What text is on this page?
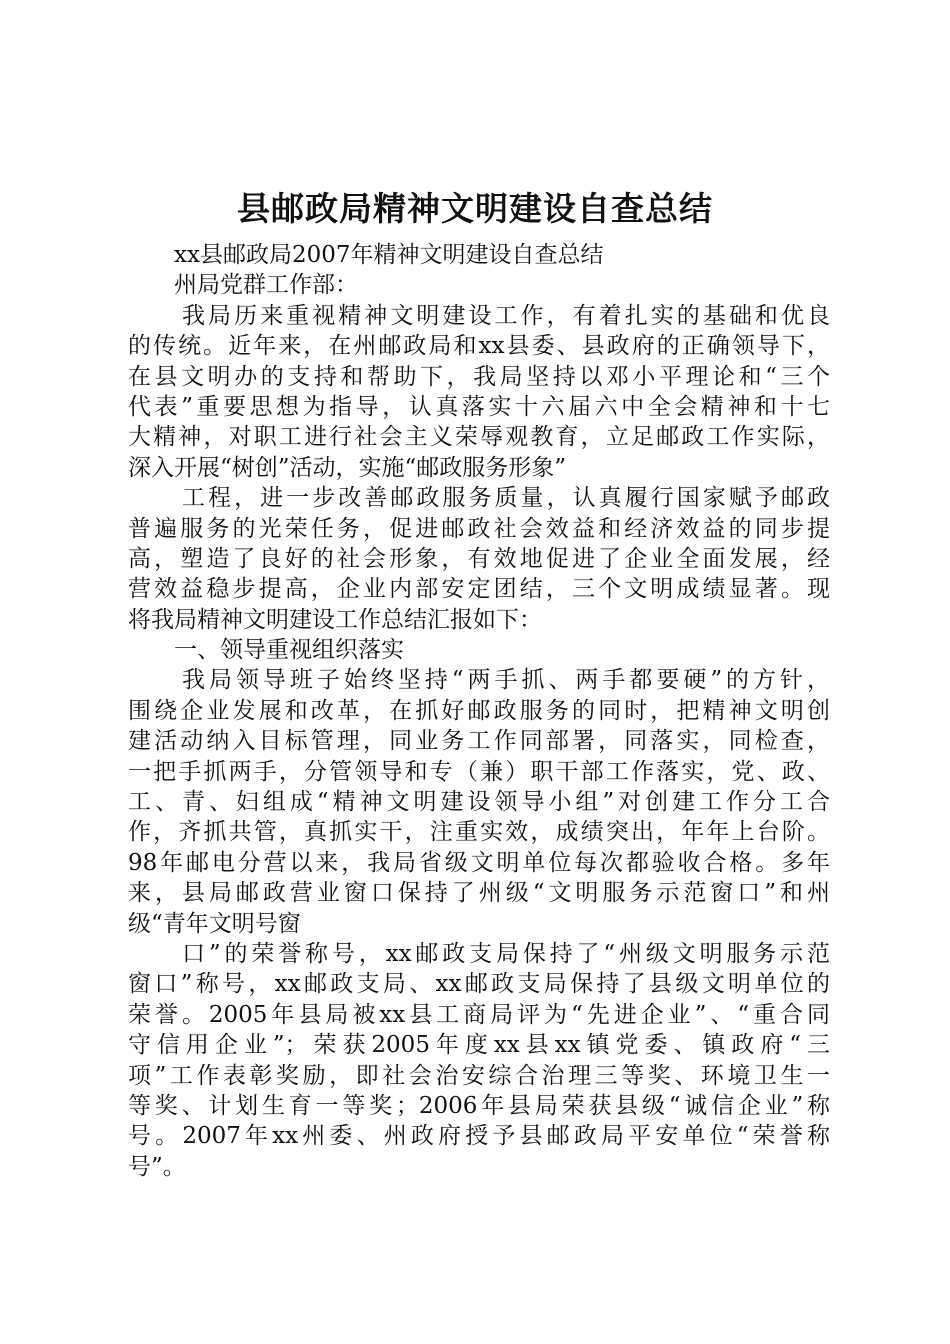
县邮政局精神文明建设自查总结
xx县邮政局2007年精神文明建设自查总结
州局党群工作部：
我局历来重视精神文明建设工作，有着扎实的基础和优良
的传统。近年来，在州邮政局和xx县委、县政府的正确领导下，
在县文明办的支持和帮助下，我局坚持以邓小平理论和“三个
代表”重要思想为指导，认真落实十六届六中全会精神和十七
大精神，对职工进行社会主义荣辱观教育，立足邮政工作实际，
深入开展“树创”活动，实施“邮政服务形象”
工程，进一步改善邮政服务质量，认真履行国家赋予邮政
普遍服务的光荣任务，促进邮政社会效益和经济效益的同步提
高，塑造了良好的社会形象，有效地促进了企业全面发展，经
营效益稳步提高，企业内部安定团结，三个文明成绩显著。现
将我局精神文明建设工作总结汇报如下：
一、领导重视组织落实
我局领导班子始终坚持“两手抓、两手都要硬”的方针，
围绕企业发展和改革，在抓好邮政服务的同时，把精神文明创
建活动纳入目标管理，同业务工作同部署，同落实，同检查，
一把手抓两手，分管领导和专（兼）职干部工作落实，党、政、
工、青、妇组成“精神文明建设领导小组”对创建工作分工合
作，齐抓共管，真抓实干，注重实效，成绩突出，年年上台阶。
98年邮电分营以来，我局省级文明单位每次都验收合格。多年
来，县局邮政营业窗口保持了州级“文明服务示范窗口”和州
级“青年文明号窗
口”的荣誉称号，xx邮政支局保持了“州级文明服务示范
窗口”称号，xx邮政支局、xx邮政支局保持了县级文明单位的
荣誉。2005年县局被xx县工商局评为“先进企业”、“重合同
守信用企业”；荣获2005年度xx县xx镇党委、镇政府“三
项”工作表彰奖励，即社会治安综合治理三等奖、环境卫生一
等奖、计划生育一等奖；2006年县局荣获县级“诚信企业”称
号。2007年xx州委、州政府授予县邮政局平安单位“荣誉称
号”。
